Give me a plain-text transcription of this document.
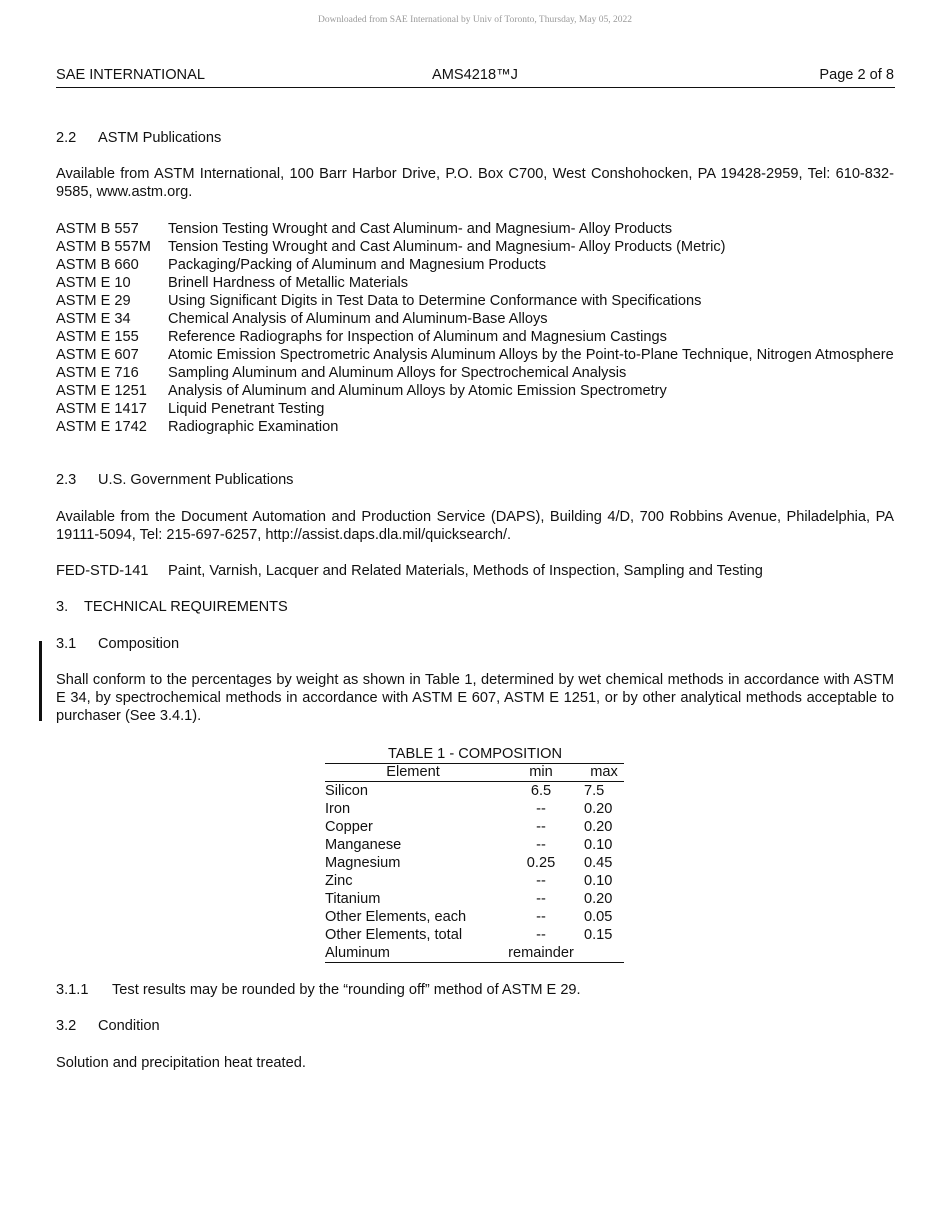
Downloaded from SAE International by Univ of Toronto, Thursday, May 05, 2022
SAE INTERNATIONAL	AMS4218™J	Page 2 of 8
2.2 ASTM Publications
Available from ASTM International, 100 Barr Harbor Drive, P.O. Box C700, West Conshohocken, PA 19428-2959, Tel: 610-832-9585, www.astm.org.
ASTM B 557	Tension Testing Wrought and Cast Aluminum- and Magnesium- Alloy Products
ASTM B 557M	Tension Testing Wrought and Cast Aluminum- and Magnesium- Alloy Products (Metric)
ASTM B 660	Packaging/Packing of Aluminum and Magnesium Products
ASTM E 10	Brinell Hardness of Metallic Materials
ASTM E 29	Using Significant Digits in Test Data to Determine Conformance with Specifications
ASTM E 34	Chemical Analysis of Aluminum and Aluminum-Base Alloys
ASTM E 155	Reference Radiographs for Inspection of Aluminum and Magnesium Castings
ASTM E 607	Atomic Emission Spectrometric Analysis Aluminum Alloys by the Point-to-Plane Technique, Nitrogen Atmosphere
ASTM E 716	Sampling Aluminum and Aluminum Alloys for Spectrochemical Analysis
ASTM E 1251	Analysis of Aluminum and Aluminum Alloys by Atomic Emission Spectrometry
ASTM E 1417	Liquid Penetrant Testing
ASTM E 1742	Radiographic Examination
2.3 U.S. Government Publications
Available from the Document Automation and Production Service (DAPS), Building 4/D, 700 Robbins Avenue, Philadelphia, PA 19111-5094, Tel: 215-697-6257, http://assist.daps.dla.mil/quicksearch/.
FED-STD-141 Paint, Varnish, Lacquer and Related Materials, Methods of Inspection, Sampling and Testing
3. TECHNICAL REQUIREMENTS
3.1 Composition
Shall conform to the percentages by weight as shown in Table 1, determined by wet chemical methods in accordance with ASTM E 34, by spectrochemical methods in accordance with ASTM E 607, ASTM E 1251, or by other analytical methods acceptable to purchaser (See 3.4.1).
TABLE 1 - COMPOSITION
Element	min	max
Silicon	6.5	7.5
Iron	--	0.20
Copper	--	0.20
Manganese	--	0.10
Magnesium	0.25	0.45
Zinc	--	0.10
Titanium	--	0.20
Other Elements, each	--	0.05
Other Elements, total	--	0.15
Aluminum	remainder
3.1.1 Test results may be rounded by the “rounding off” method of ASTM E 29.
3.2 Condition
Solution and precipitation heat treated.
